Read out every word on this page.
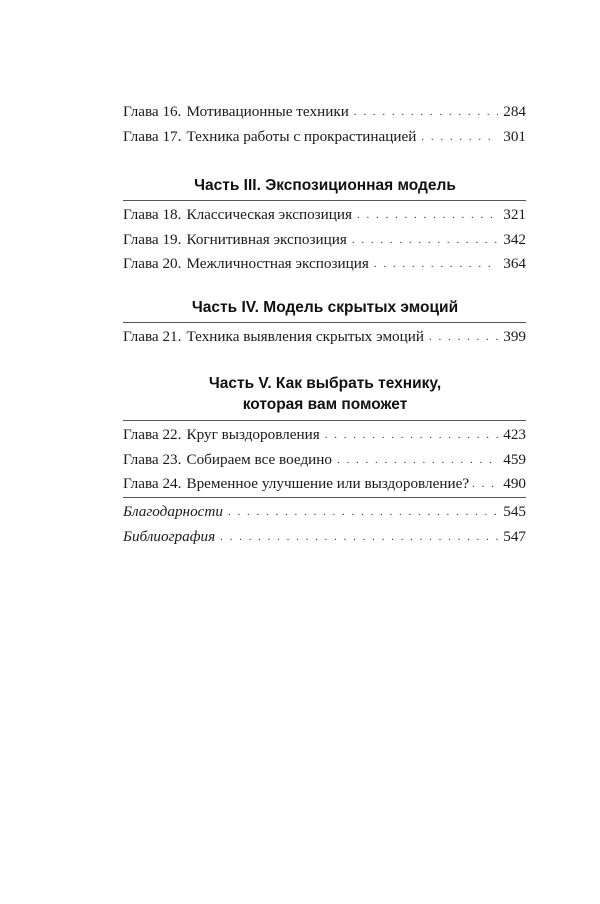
Глава 16. Мотивационные техники . . .	284
Глава 17. Техника работы с прокрастинацией . . .	301
Часть III. Экспозиционная модель
Глава 18. Классическая экспозиция . . .	321
Глава 19. Когнитивная экспозиция . . .	342
Глава 20. Межличностная экспозиция . . .	364
Часть IV. Модель скрытых эмоций
Глава 21. Техника выявления скрытых эмоций . . .	399
Часть V. Как выбрать технику,
которая вам поможет
Глава 22. Круг выздоровления . . .	423
Глава 23. Собираем все воедино . . .	459
Глава 24. Временное улучшение или выздоровление? . . . 490
Благодарности . . .	545
Библиография . . .	547
